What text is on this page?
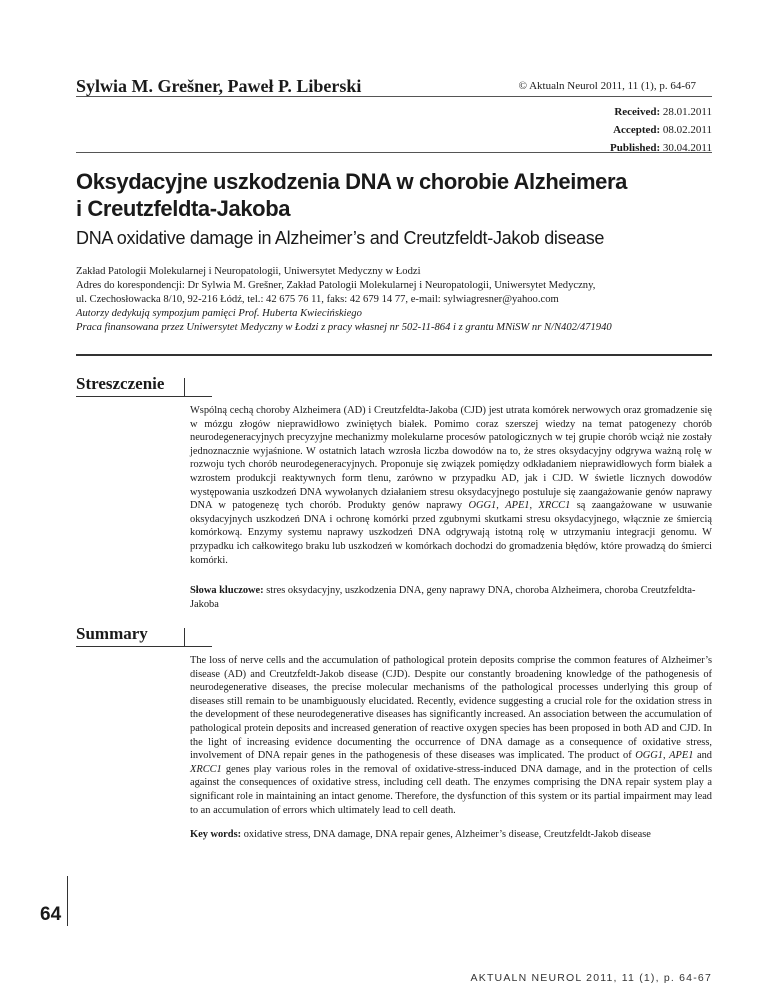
Sylwia M. Grešner, Paweł P. Liberski	© Aktualn Neurol 2011, 11 (1), p. 64-67
Received: 28.01.2011
Accepted: 08.02.2011
Published: 30.04.2011
Oksydacyjne uszkodzenia DNA w chorobie Alzheimera
i Creutzfeldta-Jakoba
DNA oxidative damage in Alzheimer’s and Creutzfeldt-Jakob disease
Zakład Patologii Molekularnej i Neuropatologii, Uniwersytet Medyczny w Łodzi
Adres do korespondencji: Dr Sylwia M. Grešner, Zakład Patologii Molekularnej i Neuropatologii, Uniwersytet Medyczny,
ul. Czechosłowacka 8/10, 92-216 Łódź, tel.: 42 675 76 11, faks: 42 679 14 77, e-mail: sylwiagresner@yahoo.com
Autorzy dedykują sympozjum pamięci Prof. Huberta Kwiecińskiego
Praca finansowana przez Uniwersytet Medyczny w Łodzi z pracy własnej nr 502-11-864 i z grantu MNiSW nr N/N402/471940
Streszczenie
Wspólną cechą choroby Alzheimera (AD) i Creutzfeldta-Jakoba (CJD) jest utrata komórek nerwowych oraz gromadzenie się w mózgu złogów nieprawidłowo zwiniętych białek. Pomimo coraz szerszej wiedzy na temat patogenezy chorób neurodegeneracyjnych precyzyjne mechanizmy molekularne procesów patologicznych w tej grupie chorób wciąż nie zostały jednoznacznie wyjaśnione. W ostatnich latach wzrosła liczba dowodów na to, że stres oksydacyjny odgrywa ważną rolę w rozwoju tych chorób neurodegeneracyjnych. Proponuje się związek pomiędzy odkładaniem nieprawidłowych form białek a wzrostem produkcji reaktywnych form tlenu, zarówno w przypadku AD, jak i CJD. W świetle licznych dowodów występowania uszkodzeń DNA wywołanych działaniem stresu oksydacyjnego postuluje się zaangażowanie genów naprawy DNA w patogenezę tych chorób. Produkty genów naprawy OGG1, APE1, XRCC1 są zaangażowane w usuwanie oksydacyjnych uszkodzeń DNA i ochronę komórki przed zgubnymi skutkami stresu oksydacyjnego, włącznie ze śmiercią komórkową. Enzymy systemu naprawy uszkodzeń DNA odgrywają istotną rolę w utrzymaniu integracji genomu. W przypadku ich całkowitego braku lub uszkodzeń w komórkach dochodzi do gromadzenia błędów, które prowadzą do śmierci komórki.
Słowa kluczowe: stres oksydacyjny, uszkodzenia DNA, geny naprawy DNA, choroba Alzheimera, choroba Creutzfeldta-Jakoba
Summary
The loss of nerve cells and the accumulation of pathological protein deposits comprise the common features of Alzheimer’s disease (AD) and Creutzfeldt-Jakob disease (CJD). Despite our constantly broadening knowledge of the pathogenesis of neurodegenerative diseases, the precise molecular mechanisms of the pathological processes underlying this group of diseases still remain to be unambiguously elucidated. Recently, evidence suggesting a crucial role for the oxidation stress in the development of these neurodegenerative diseases has significantly increased. An association between the accumulation of pathological protein deposits and increased generation of reactive oxygen species has been proposed in both AD and CJD. In the light of increasing evidence documenting the occurrence of DNA damage as a consequence of oxidative stress, involvement of DNA repair genes in the pathogenesis of these diseases was implicated. The product of OGG1, APE1 and XRCC1 genes play various roles in the removal of oxidative-stress-induced DNA damage, and in the protection of cells against the consequences of oxidative stress, including cell death. The enzymes comprising the DNA repair system play a significant role in maintaining an intact genome. Therefore, the dysfunction of this system or its partial impairment may lead to an accumulation of errors which ultimately lead to cell death.
Key words: oxidative stress, DNA damage, DNA repair genes, Alzheimer’s disease, Creutzfeldt-Jakob disease
64
AKTUALN NEUROL 2011, 11 (1), p. 64-67
